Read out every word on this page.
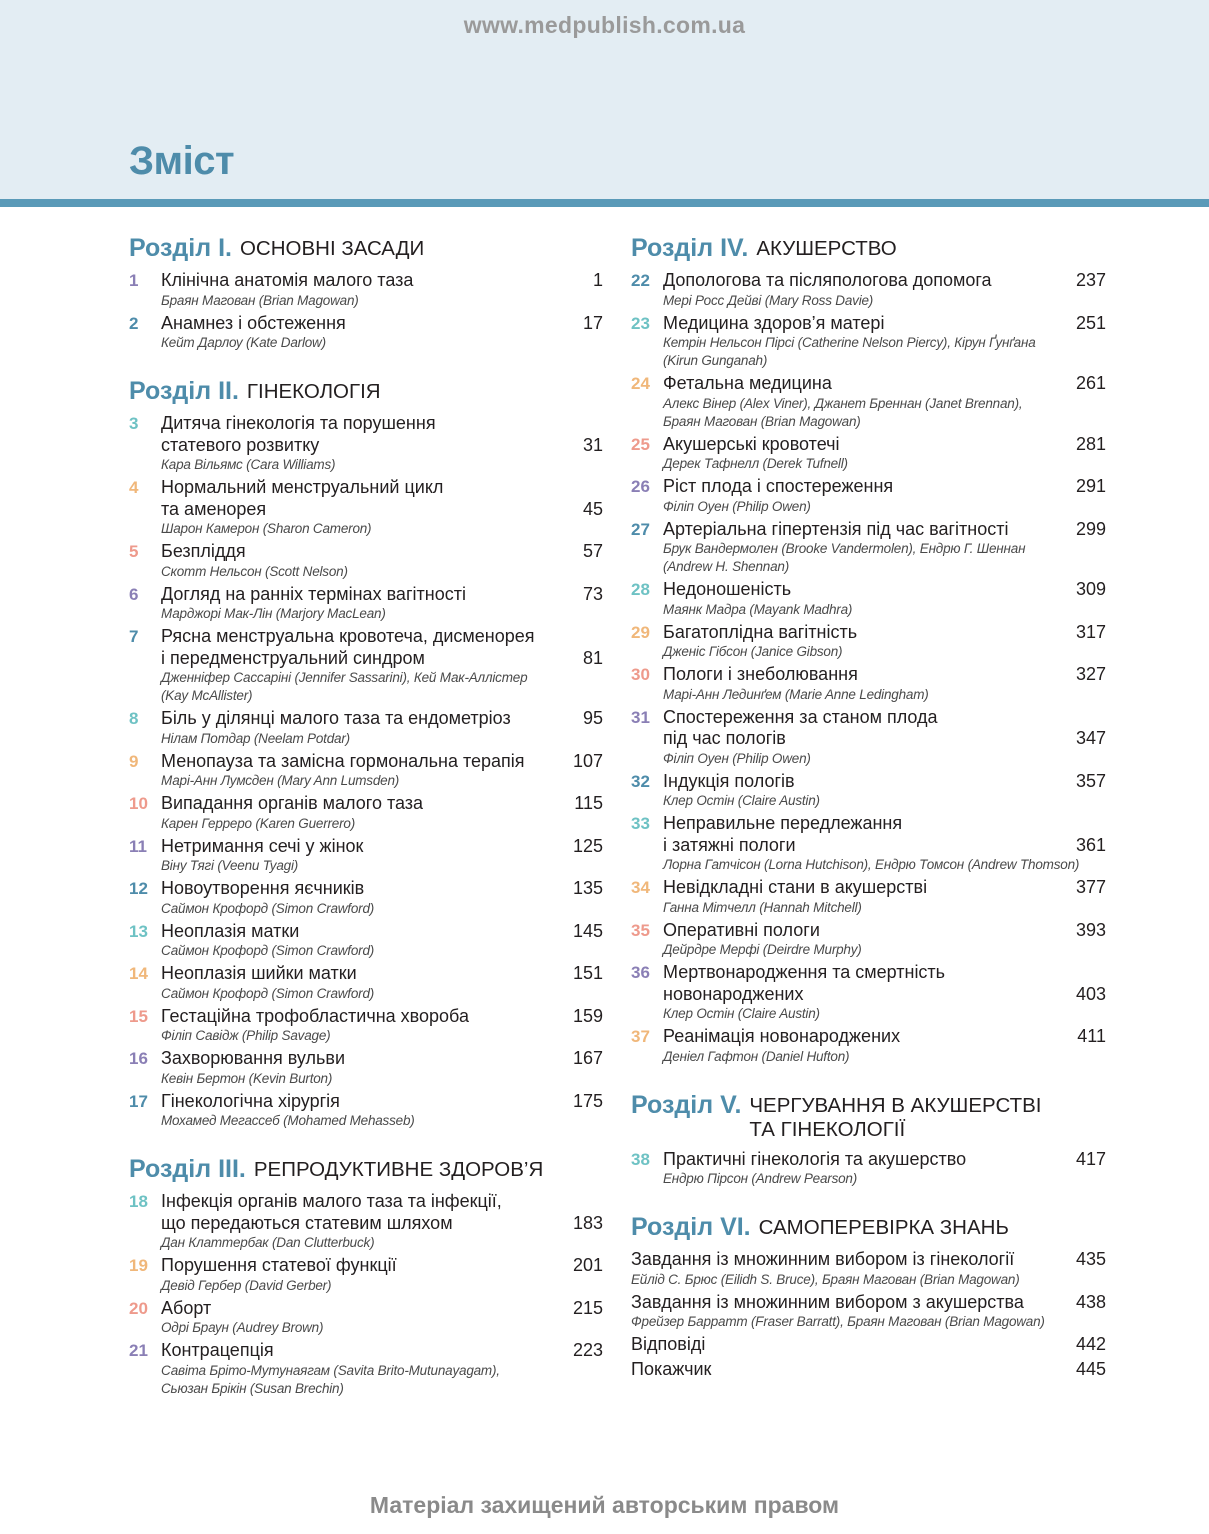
www.medpublish.com.ua
Зміст
Розділ I. ОСНОВНІ ЗАСАДИ
1	Клінічна анатомія малого таза	1
Браян Магован (Brian Magowan)
2	Анамнез і обстеження	17
Кейт Дарлоу (Kate Darlow)
Розділ II. ГІНЕКОЛОГІЯ
3	Дитяча гінекологія та порушення
статевого розвитку	31
Кара Вільямс (Cara Williams)
4	Нормальний менструальний цикл
та аменорея	45
Шарон Камерон (Sharon Cameron)
5	Безпліддя	57
Скотт Нельсон (Scott Nelson)
6	Догляд на ранніх термінах вагітності	73
Марджорі Мак-Лін (Marjory MacLean)
7	Рясна менструальна кровотеча, дисменорея
і передменструальний синдром	81
Дженніфер Сассаріні (Jennifer Sassarini), Кей Мак-Аллістер
(Kay McAllister)
8	Біль у ділянці малого таза та ендометріоз	95
Нілам Потдар (Neelam Potdar)
9	Менопауза та замісна гормональна терапія	107
Марі-Анн Лумсден (Mary Ann Lumsden)
10 Випадання органів малого таза	115
Карен Герреро (Karen Guerrero)
11 Нетримання сечі у жінок	125
Віну Тягі (Veenu Tyagi)
12 Новоутворення яєчників	135
Саймон Крофорд (Simon Crawford)
13 Неоплазія матки	145
Саймон Крофорд (Simon Crawford)
14 Неоплазія шийки матки	151
Саймон Крофорд (Simon Crawford)
15 Гестаційна трофобластична хвороба	159
Філіп Савідж (Philip Savage)
16 Захворювання вульви	167
Кевін Бертон (Kevin Burton)
17 Гінекологічна хірургія	175
Мохамед Мегассеб (Mohamed Mehasseb)
Розділ III. РЕПРОДУКТИВНЕ ЗДОРОВ’Я
18 Інфекція органів малого таза та інфекції,
що передаються статевим шляхом	183
Дан Клаттербак (Dan Clutterbuck)
19 Порушення статевої функції	201
Девід Гербер (David Gerber)
20 Аборт	215
Одрі Браун (Audrey Brown)
21 Контрацепція	223
Савіта Бріто-Мутунаягам (Savita Brito-Mutunayagam),
Сьюзан Брікін (Susan Brechin)
Розділ IV. АКУШЕРСТВО
22 Допологова та післяпологова допомога	237
Мері Росс Дейві (Mary Ross Davie)
23 Медицина здоров’я матері	251
Кетрін Нельсон Пірсі (Catherine Nelson Piercy), Кірун Ґунґана
(Kirun Gunganah)
24 Фетальна медицина	261
Алекс Вінер (Alex Viner), Джанет Бреннан (Janet Brennan),
Браян Магован (Brian Magowan)
25 Акушерські кровотечі	281
Дерек Тафнелл (Derek Tufnell)
26 Ріст плода і спостереження	291
Філіп Оуен (Philip Owen)
27 Артеріальна гіпертензія під час вагітності	299
Брук Вандермолен (Brooke Vandermolen), Ендрю Г. Шеннан
(Andrew H. Shennan)
28 Недоношеність	309
Маянк Мадра (Mayank Madhra)
29 Багатоплідна вагітність	317
Дженіс Гібсон (Janice Gibson)
30 Пологи і знеболювання	327
Марі-Анн Лединґем (Marie Anne Ledingham)
31 Спостереження за станом плода
під час пологів	347
Філіп Оуен (Philip Owen)
32 Індукція пологів	357
Клер Остін (Claire Austin)
33 Неправильне передлежання
і затяжні пологи	361
Лорна Гатчісон (Lorna Hutchison), Ендрю Томсон (Andrew Thomson)
34 Невідкладні стани в акушерстві	377
Ганна Мітчелл (Hannah Mitchell)
35 Оперативні пологи	393
Дейрдре Мерфі (Deirdre Murphy)
36 Мертвонародження та смертність
новонароджених	403
Клер Остін (Claire Austin)
37 Реанімація новонароджених	411
Деніел Гафтон (Daniel Hufton)
Розділ V. ЧЕРГУВАННЯ В АКУШЕРСТВІ
ТА ГІНЕКОЛОГІЇ
38 Практичні гінекологія та акушерство	417
Ендрю Пірсон (Andrew Pearson)
Розділ VI. САМОПЕРЕВІРКА ЗНАНЬ
Завдання із множинним вибором із гінекології	435
Ейлід С. Брюс (Eilidh S. Bruce), Браян Магован (Brian Magowan)
Завдання із множинним вибором з акушерства	438
Фрейзер Барратт (Fraser Barratt), Браян Магован (Brian Magowan)
Відповіді	442
Покажчик	445
Матеріал захищений авторським правом
